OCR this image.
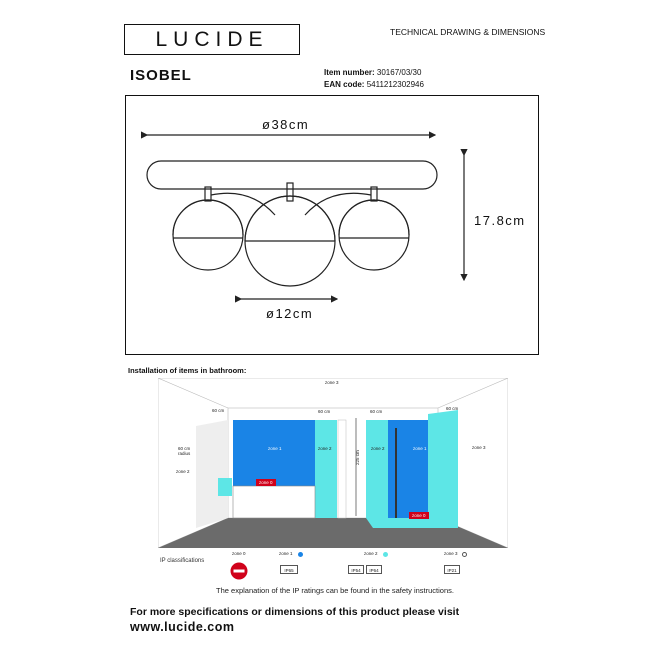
LUCIDE	TECHNICAL DRAWING & DIMENSIONS
ISOBEL	Item number: 30167/03/30
EAN code: 5411212302946
ø38cm
17.8cm
ø12cm
Installation of items in bathroom:
zone 3
zone 3
zone 1	zone 1
zone 2	zone 2
60 cm	60 cm	60 cm
60 cm
60 cm radius
zone 2
225 cm
zone 0
zone 0
IP classifications
zone 0	zone 1
IP65
zone 2
IP54	IP64
zone 3
IP21
The explanation of the IP ratings can be found in the safety instructions.
For more specifications or dimensions of this product please visit
www.lucide.com
